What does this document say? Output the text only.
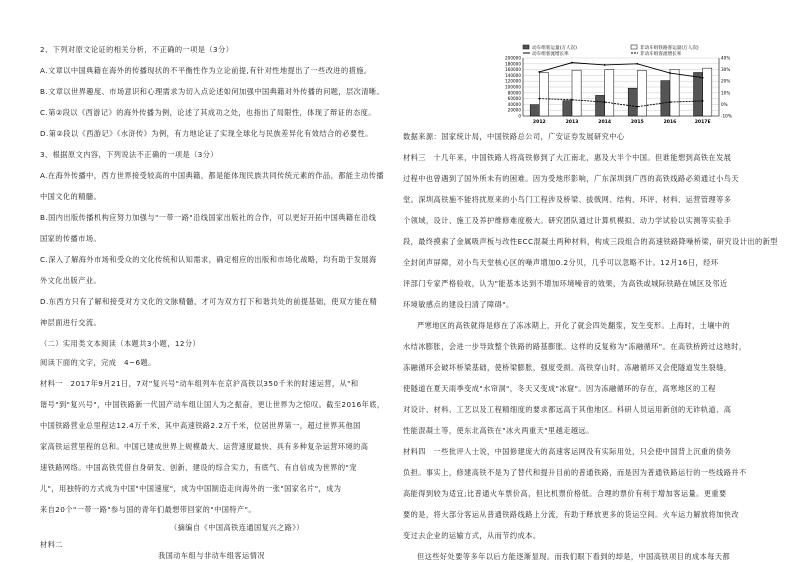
2、下列对原文论证的相关分析，不正确的一项是（3分）
A.文章以中国典籍在海外的传播现状的不平衡性作为立论前提,有针对性地提出了一些改进的措施。
B.文章以世界趣度、市场意识和心理需求为切入点论述如何加强中国典籍对外传播的问题，层次清晰。
C.第②段以《西游记》的海外传播为例，论述了其成功之处，也指出了局限性，体现了辩证的态度。
D.第②段以《西游记》《水浒传》为例，有力地论证了实现全球化与民族差异化有效结合的必要性。
3、根据原文内容，下列说法不正确的一项是（3分）
A.在海外传播中，西方世界接受较高的中国典籍，都是能体现民族共同传统元素的作品，都能主动传播
中国文化的精髓。
B.国内出版传播机构应努力加强与"一带一路"沿线国家出版社的合作，可以更好开拓中国典籍在沿线
国家的传播市场。
C.深入了解海外市场和受众的文化传统和认知需求，确定相应的出版和市场化战略，均有助于发展海
外文化出版产业。
D.东西方只有了解和接受对方文化的文脉精髓，才可为双方打下和谐共处的前提基础，使双方能在精
神层面进行交流。
（二）实用类文本阅读（本题共3小题，12分）
阅读下面的文字，完成　4~6题。
材料一　2017年9月21日，7对"复兴号"动车组列车在京沪高铁以350千米的时速运营，从"和
谐号"到"复兴号"，中国铁路新一代国产动车组让国人为之振奋，更让世界为之惊叹。截至2016年底，
中国铁路营业总里程达12.4万千米，其中高速铁路2.2万千米，位居世界第一，超过世界其他国
家高铁运营里程的总和。中国已建成世界上规模最大、运营速度最快、具有多种复杂运营环境的高
速铁路网络。中国高铁凭借自身研发、创新、建设的综合实力，有底气、有自信成为世界的"宠
儿"，用独特的方式成为中国"中国速度"，成为中国制造走向海外的一张"国家名片"，成为
来自20个"一带一路"参与国的青年们最想带回家的"中国特产"。
（摘编自《中国高铁连通国复兴之路》）
材料二
我国动车组与非动车组客运情况
动车组客运量(万人次)	非动车组铁路客运量(万人次)
动车组客流增长率	非动车组客流增长率
0
20000
40000
60000
80000
100000
120000
140000
160000
180000
200000
-10%
0%
10%
20%
30%
40%
2012	2013	2014	2015	2016	2017E
数据来源：国家统计局，中国铁路总公司，广安证券发展研究中心
材料三　十几年来，中国铁路人将高铁修到了大江南北，惠及大半个中国。但谁能想到高铁在发展
过程中也曾遇到了国外所未有的困难。因为受地形影响，广东深圳到广西的高铁线路必须通过小鸟天
堂。深圳高铁施不能将扰原来的小鸟门工程涉及桥梁、拔戟网、结构、环评、材料、运营管理等多
个领域，设计、施工及养护维修难度极大。研究团队通过计算机模拟、动力学试验以实测等实验手
段，最终摸索了金属吸声板与改性ECC混凝土两种材料，构成三段组合的高速铁路降噪桥梁，研究设计出的新型
全封闭声屏障，对小鸟天堂核心区的噪声增加0.2分贝，几乎可以忽略不计。12月16日，经环
评部门专家严格验收，认为"能基本达到不增加环境噪音的效果，为高铁或城际铁路在城区及邻近
环境敏感点的建设扫清了障碍"。
严寒地区的高铁就得是修在了冻冰期上，开化了就会四处翻浆，发生变形。上海时，土壤中的
水结冰膨胀，会进一步导致整个铁路的路基膨胀。这样的反复称为"冻融循环"。在高铁桥跨过这地时，
冻融循环会破坏桥梁基础，使桥梁膨胀，强度受损。高铁穿山时，冻融循环又会使隧道发生裂缝，
使隧道在夏天雨季变成"水帘洞"，冬天又变成"冰窟"。因为冻融循环的存在，高寒地区的工程
对设计、材料、工艺以及工程精细度的要求都远高于其他地区。科研人员运用新创的无砟轨道、高
性能混凝土等，使东北高铁在"冰火两重天"里越走越远。
材料四　一些批评人士说，中国修建庞大的高速客运网没有实际用处，只会使中国背上沉重的债务
负担。事实上，修建高铁不是为了替代和提升目前的普通铁路，而是因为普通铁路运行的一些线路并不
高能得到较为适宜;比普通火车票价高，但比机票价格低。合理的票价有利于增加客运量。更重要
要的是，将大部分客运从普通铁路线路上分流，有助于释放更多的货运空间。火车运力解放将加快改
变过去企业的运输方式，从而节约成本。
但这些好处要等多年以后方能逐渐显现。而我们眼下看到的却是，中国高铁项目的成本每天都
